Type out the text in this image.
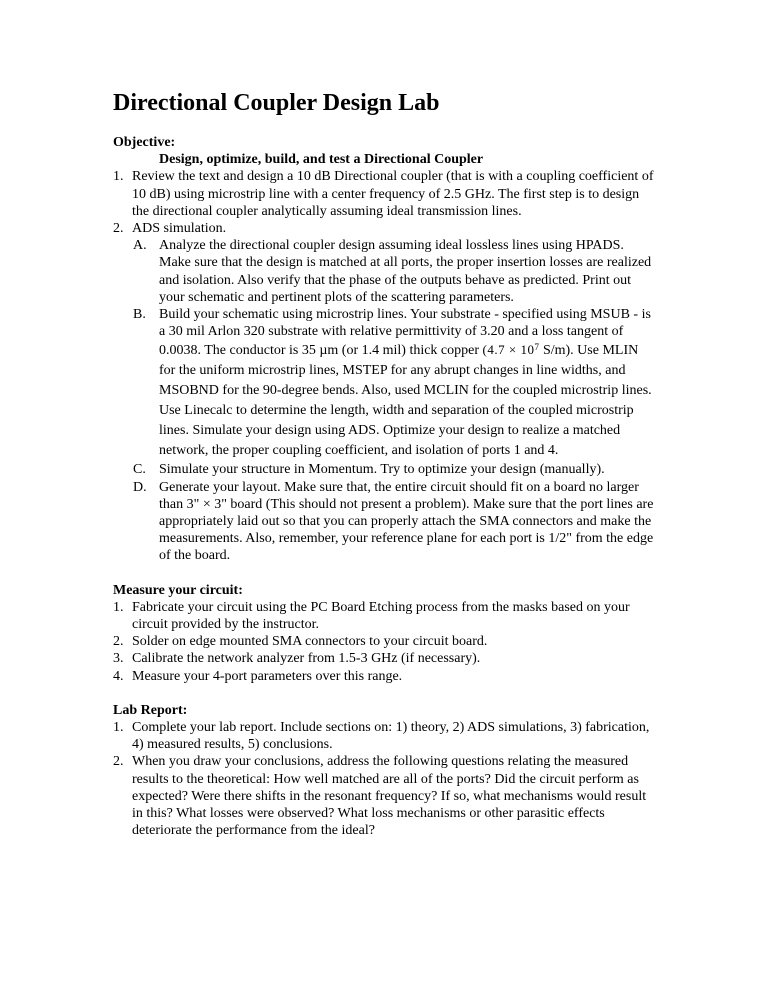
Directional Coupler Design Lab
Objective:
Design, optimize, build, and test a Directional Coupler
1. Review the text and design a 10 dB Directional coupler (that is with a coupling coefficient of 10 dB) using microstrip line with a center frequency of 2.5 GHz. The first step is to design the directional coupler analytically assuming ideal transmission lines.
2. ADS simulation.
A. Analyze the directional coupler design assuming ideal lossless lines using HPADS. Make sure that the design is matched at all ports, the proper insertion losses are realized and isolation. Also verify that the phase of the outputs behave as predicted. Print out your schematic and pertinent plots of the scattering parameters.
B. Build your schematic using microstrip lines. Your substrate - specified using MSUB - is a 30 mil Arlon 320 substrate with relative permittivity of 3.20 and a loss tangent of 0.0038. The conductor is 35 µm (or 1.4 mil) thick copper ($4.7 \times 10^7$ S/m). Use MLIN for the uniform microstrip lines, MSTEP for any abrupt changes in line widths, and MSOBND for the 90-degree bends. Also, used MCLIN for the coupled microstrip lines. Use Linecalc to determine the length, width and separation of the coupled microstrip lines. Simulate your design using ADS. Optimize your design to realize a matched network, the proper coupling coefficient, and isolation of ports 1 and 4.
C. Simulate your structure in Momentum. Try to optimize your design (manually).
D. Generate your layout. Make sure that, the entire circuit should fit on a board no larger than 3" × 3" board (This should not present a problem). Make sure that the port lines are appropriately laid out so that you can properly attach the SMA connectors and make the measurements. Also, remember, your reference plane for each port is 1/2" from the edge of the board.
Measure your circuit:
1. Fabricate your circuit using the PC Board Etching process from the masks based on your circuit provided by the instructor.
2. Solder on edge mounted SMA connectors to your circuit board.
3. Calibrate the network analyzer from 1.5-3 GHz (if necessary).
4. Measure your 4-port parameters over this range.
Lab Report:
1. Complete your lab report. Include sections on: 1) theory, 2) ADS simulations, 3) fabrication, 4) measured results, 5) conclusions.
2. When you draw your conclusions, address the following questions relating the measured results to the theoretical: How well matched are all of the ports? Did the circuit perform as expected? Were there shifts in the resonant frequency? If so, what mechanisms would result in this? What losses were observed? What loss mechanisms or other parasitic effects deteriorate the performance from the ideal?
